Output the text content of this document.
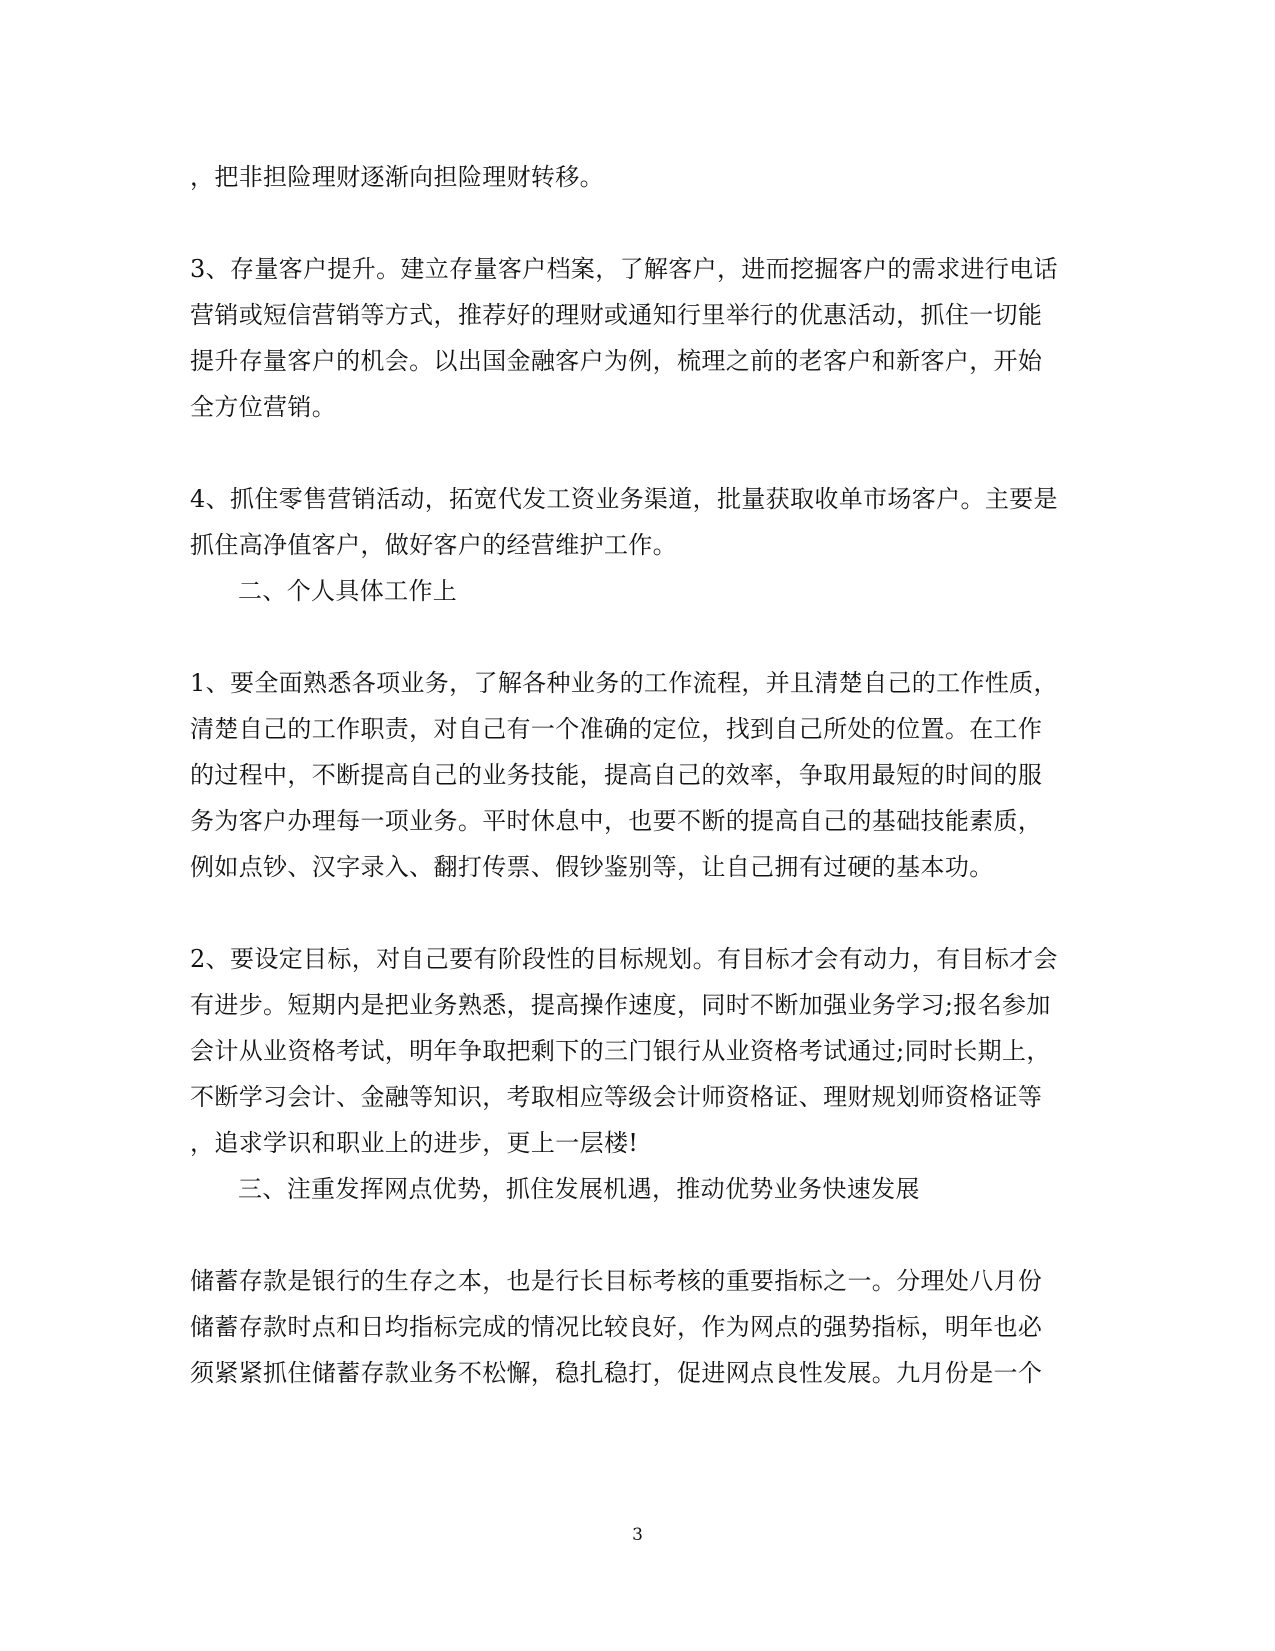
，把非担险理财逐渐向担险理财转移。
3、存量客户提升。建立存量客户档案，了解客户，进而挖掘客户的需求进行电话
营销或短信营销等方式，推荐好的理财或通知行里举行的优惠活动，抓住一切能
提升存量客户的机会。以出国金融客户为例，梳理之前的老客户和新客户，开始
全方位营销。
4、抓住零售营销活动，拓宽代发工资业务渠道，批量获取收单市场客户。主要是
抓住高净值客户，做好客户的经营维护工作。
二、个人具体工作上
1、要全面熟悉各项业务，了解各种业务的工作流程，并且清楚自己的工作性质，
清楚自己的工作职责，对自己有一个准确的定位，找到自己所处的位置。在工作
的过程中，不断提高自己的业务技能，提高自己的效率，争取用最短的时间的服
务为客户办理每一项业务。平时休息中，也要不断的提高自己的基础技能素质，
例如点钞、汉字录入、翻打传票、假钞鉴别等，让自己拥有过硬的基本功。
2、要设定目标，对自己要有阶段性的目标规划。有目标才会有动力，有目标才会
有进步。短期内是把业务熟悉，提高操作速度，同时不断加强业务学习;报名参加
会计从业资格考试，明年争取把剩下的三门银行从业资格考试通过;同时长期上，
不断学习会计、金融等知识，考取相应等级会计师资格证、理财规划师资格证等
，追求学识和职业上的进步，更上一层楼!
三、注重发挥网点优势，抓住发展机遇，推动优势业务快速发展
储蓄存款是银行的生存之本，也是行长目标考核的重要指标之一。分理处八月份
储蓄存款时点和日均指标完成的情况比较良好，作为网点的强势指标，明年也必
须紧紧抓住储蓄存款业务不松懈，稳扎稳打，促进网点良性发展。九月份是一个
3
